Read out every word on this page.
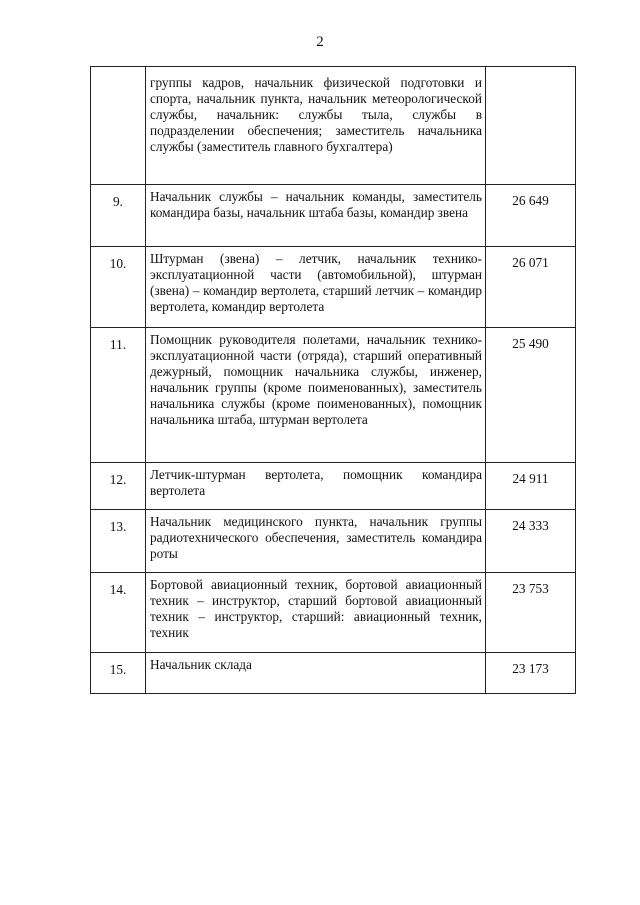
2
	группы кадров, начальник физической подготовки и спорта, начальник пункта, начальник метеорологической службы, начальник: службы тыла, службы в подразделении обеспечения; заместитель начальника службы (заместитель главного бухгалтера)	
9.	Начальник службы – начальник команды, заместитель командира базы, начальник штаба базы, командир звена	26 649
10.	Штурман (звена) – летчик, начальник технико-эксплуатационной части (автомобильной), штурман (звена) – командир вертолета, старший летчик – командир вертолета, командир вертолета	26 071
11.	Помощник руководителя полетами, начальник технико-эксплуатационной части (отряда), старший оперативный дежурный, помощник начальника службы, инженер, начальник группы (кроме поименованных), заместитель начальника службы (кроме поименованных), помощник начальника штаба, штурман вертолета	25 490
12.	Летчик-штурман вертолета, помощник командира вертолета	24 911
13.	Начальник медицинского пункта, начальник группы радиотехнического обеспечения, заместитель командира роты	24 333
14.	Бортовой авиационный техник, бортовой авиационный техник – инструктор, старший бортовой авиационный техник – инструктор, старший: авиационный техник, техник	23 753
15.	Начальник склада	23 173
